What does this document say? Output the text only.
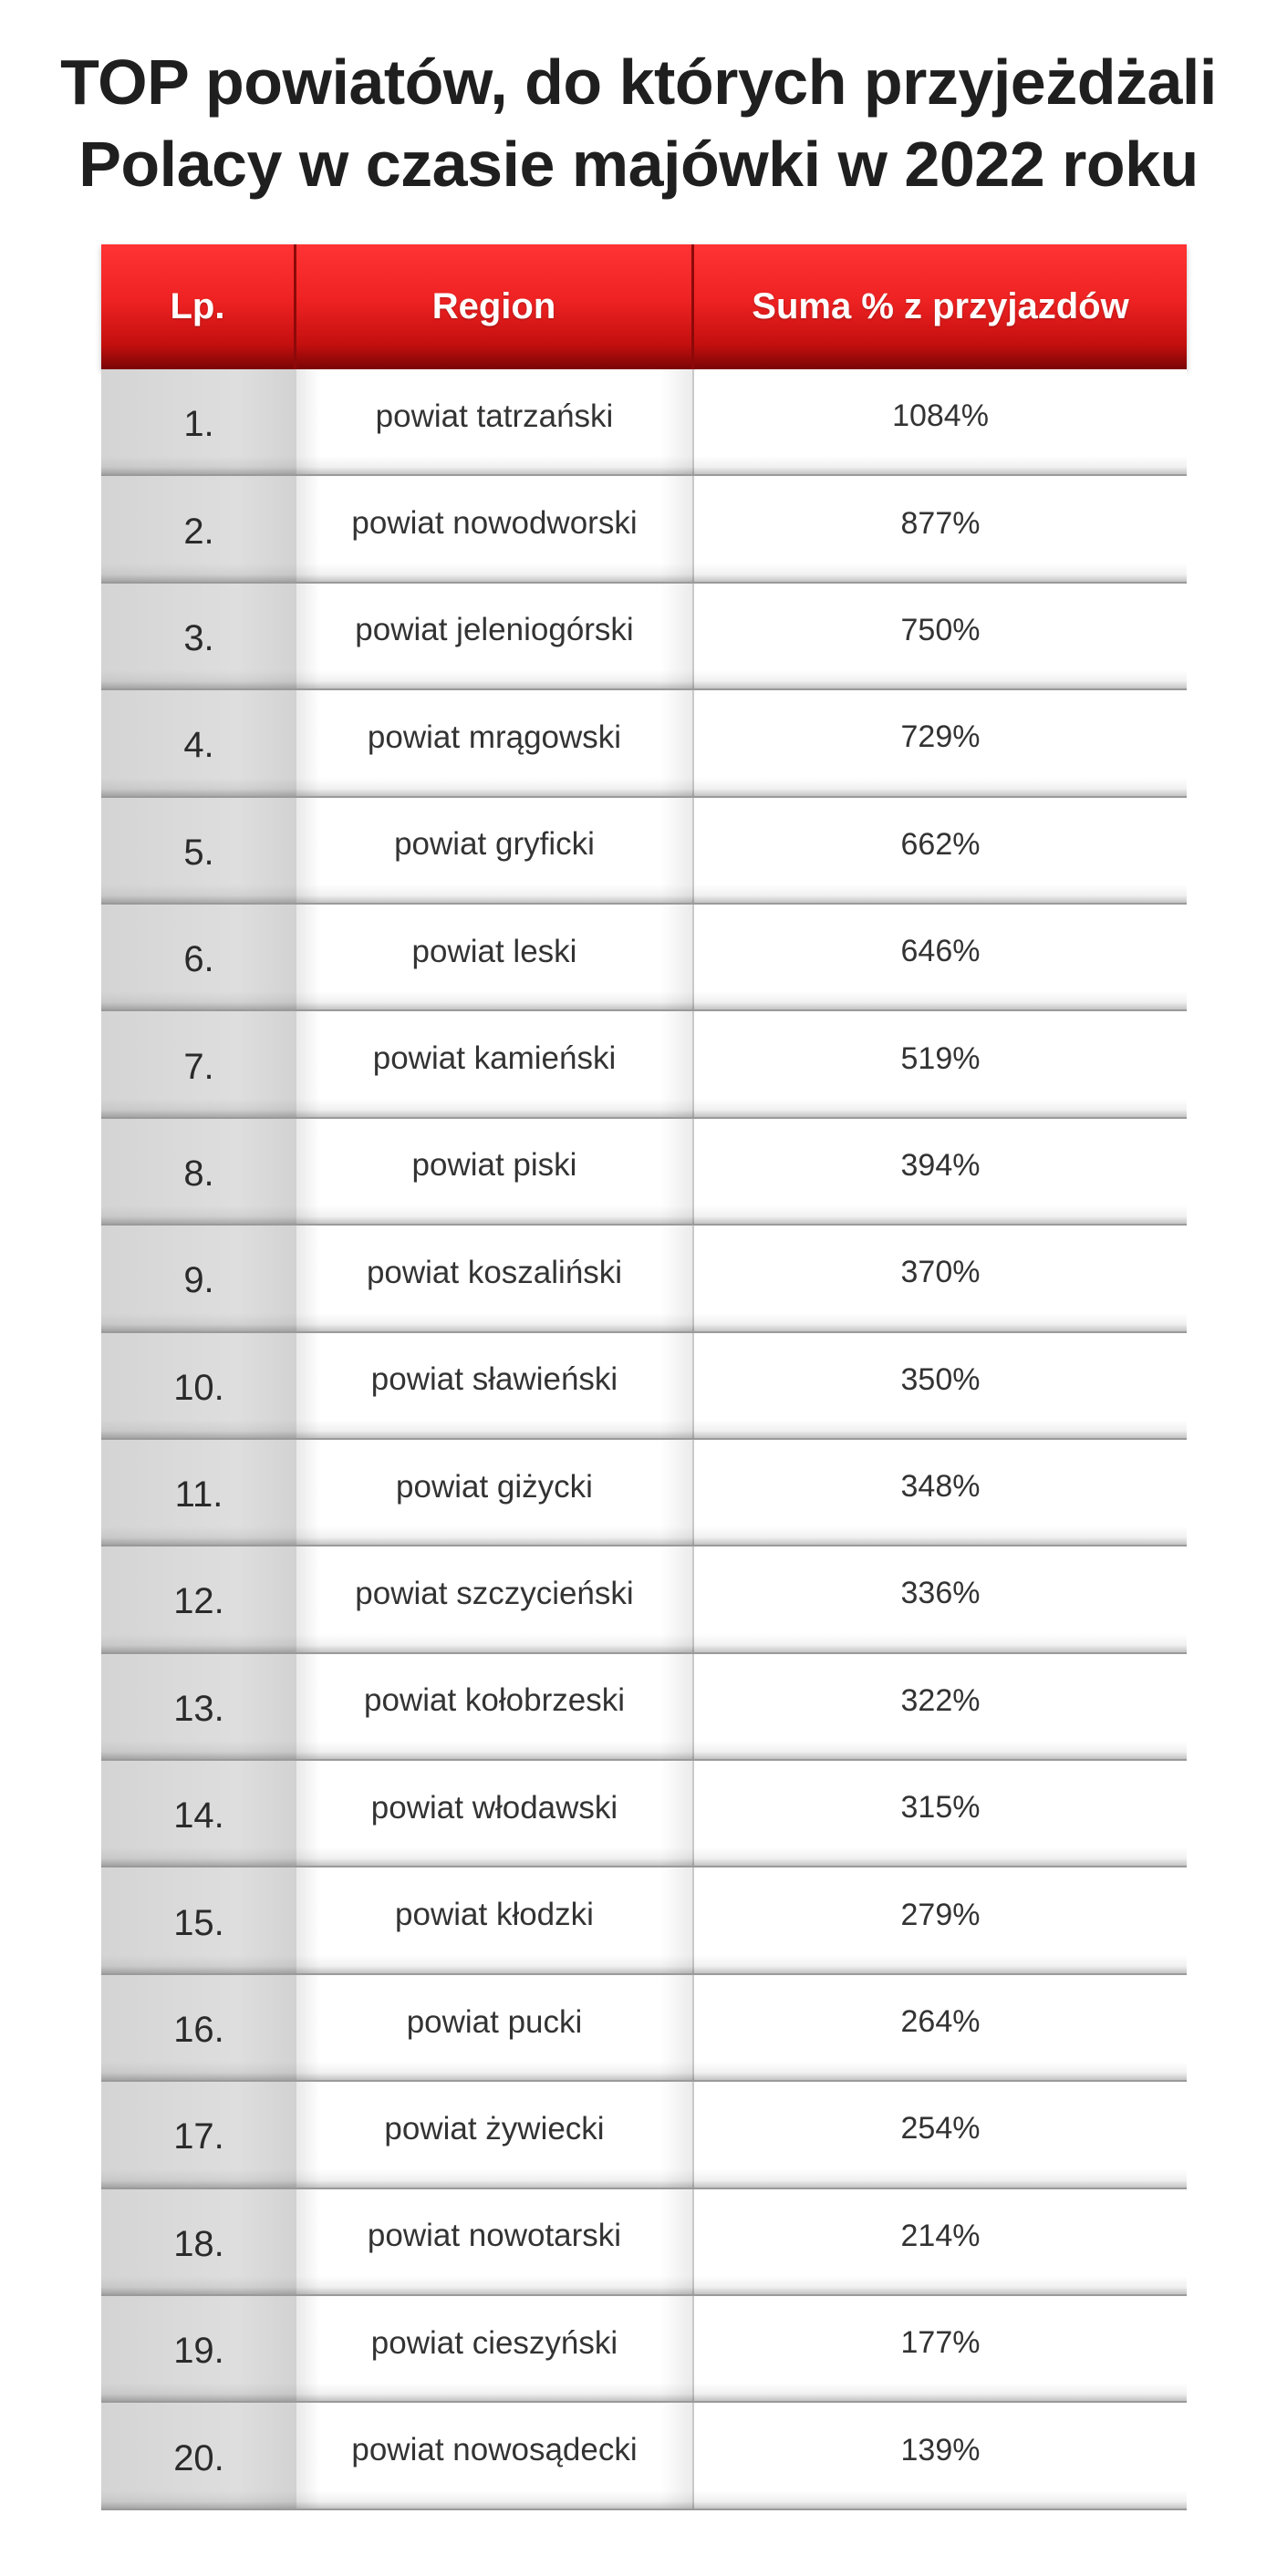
TOP powiatów, do których przyjeżdżali
Polacy w czasie majówki w 2022 roku
Lp.	Region	Suma % z przyjazdów
1.	powiat tatrzański	1084%
2.	powiat nowodworski	877%
3.	powiat jeleniogórski	750%
4.	powiat mrągowski	729%
5.	powiat gryficki	662%
6.	powiat leski	646%
7.	powiat kamieński	519%
8.	powiat piski	394%
9.	powiat koszaliński	370%
10.	powiat sławieński	350%
11.	powiat giżycki	348%
12.	powiat szczycieński	336%
13.	powiat kołobrzeski	322%
14.	powiat włodawski	315%
15.	powiat kłodzki	279%
16.	powiat pucki	264%
17.	powiat żywiecki	254%
18.	powiat nowotarski	214%
19.	powiat cieszyński	177%
20.	powiat nowosądecki	139%
